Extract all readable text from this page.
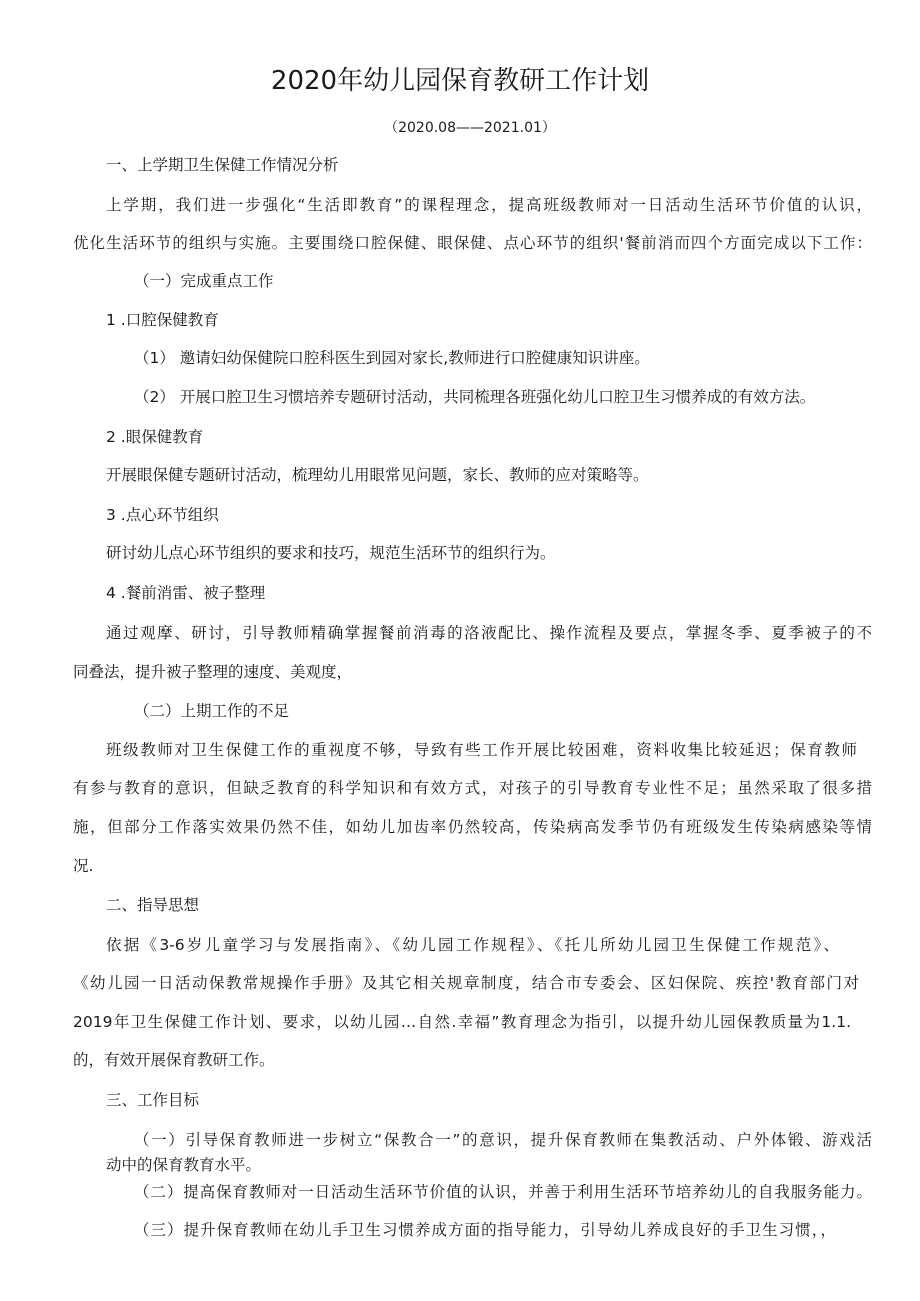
2020年幼儿园保育教研工作计划
（2020.08——2021.01）
一、上学期卫生保健工作情况分析
上学期，我们进一步强化“生活即教育”的课程理念，提高班级教师对一日活动生活环节价值的认识，
优化生活环节的组织与实施。主要围绕口腔保健、眼保健、点心环节的组织'餐前消而四个方面完成以下工作：
（一）完成重点工作
1 .口腔保健教育
（1） 邀请妇幼保健院口腔科医生到园对家长,教师进行口腔健康知识讲座。
（2） 开展口腔卫生习惯培养专题研讨活动，共同梳理各班强化幼儿口腔卫生习惯养成的有效方法。
2 .眼保健教育
开展眼保健专题研讨活动，梳理幼儿用眼常见问题，家长、教师的应对策略等。
3 .点心环节组织
研讨幼儿点心环节组织的要求和技巧，规范生活环节的组织行为。
4 .餐前消雷、被子整理
通过观摩、研讨，引导教师精确掌握餐前消毒的洛液配比、操作流程及要点，掌握冬季、夏季被子的不
同叠法，提升被子整理的速度、美观度，
（二）上期工作的不足
班级教师对卫生保健工作的重视度不够，导致有些工作开展比较困难，资料收集比较延迟；保育教师
有参与教育的意识，但缺乏教育的科学知识和有效方式，对孩子的引导教育专业性不足；虽然采取了很多措
施，但部分工作落实效果仍然不佳，如幼儿加齿率仍然较高，传染病高发季节仍有班级发生传染病感染等情
况.
二、指导思想
依据《3-6岁儿童学习与发展指南》、《幼儿园工作规程》、《托儿所幼儿园卫生保健工作规范》、
《幼儿园一日活动保教常规操作手册》及其它相关规章制度，结合市专委会、区妇保院、疾控'教育部门对
2019年卫生保健工作计划、要求，以幼儿园…自然.幸福”教育理念为指引，以提升幼儿园保教质量为1.1.
的，有效开展保育教研工作。
三、工作目标
（一）引导保育教师进一步树立“保教合一”的意识，提升保育教师在集教活动、户外体锻、游戏活
动中的保育教育水平。
（二）提高保育教师对一日活动生活环节价值的认识，并善于利用生活环节培养幼儿的自我服务能力。
（三）提升保育教师在幼儿手卫生习惯养成方面的指导能力，引导幼儿养成良好的手卫生习惯，，
